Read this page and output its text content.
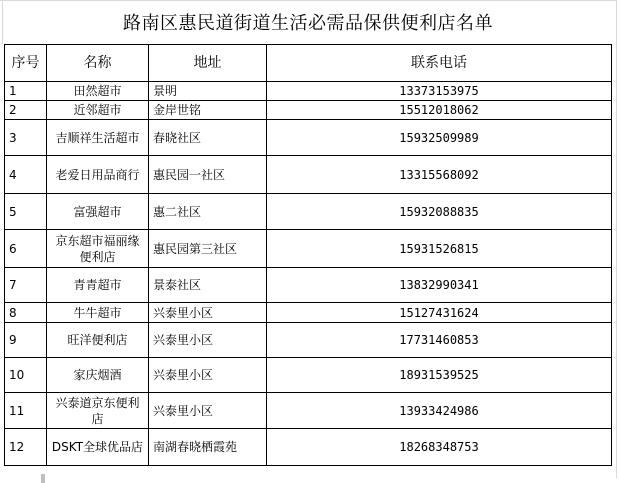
路南区惠民道街道生活必需品保供便利店名单
序号	名称	地址	联系电话
1	田然超市	景明	13373153975
2	近邻超市	金岸世铭	15512018062
3	吉顺祥生活超市	春晓社区	15932509989
4	老爱日用品商行	惠民园一社区	13315568092
5	富强超市	惠二社区	15932088835
6	京东超市福丽缘便利店	惠民园第三社区	15931526815
7	青青超市	景泰社区	13832990341
8	牛牛超市	兴泰里小区	15127431624
9	旺洋便利店	兴泰里小区	17731460853
10	家庆烟酒	兴泰里小区	18931539525
11	兴泰道京东便利店	兴泰里小区	13933424986
12	DSKT全球优品店	南湖春晓栖霞苑	18268348753
